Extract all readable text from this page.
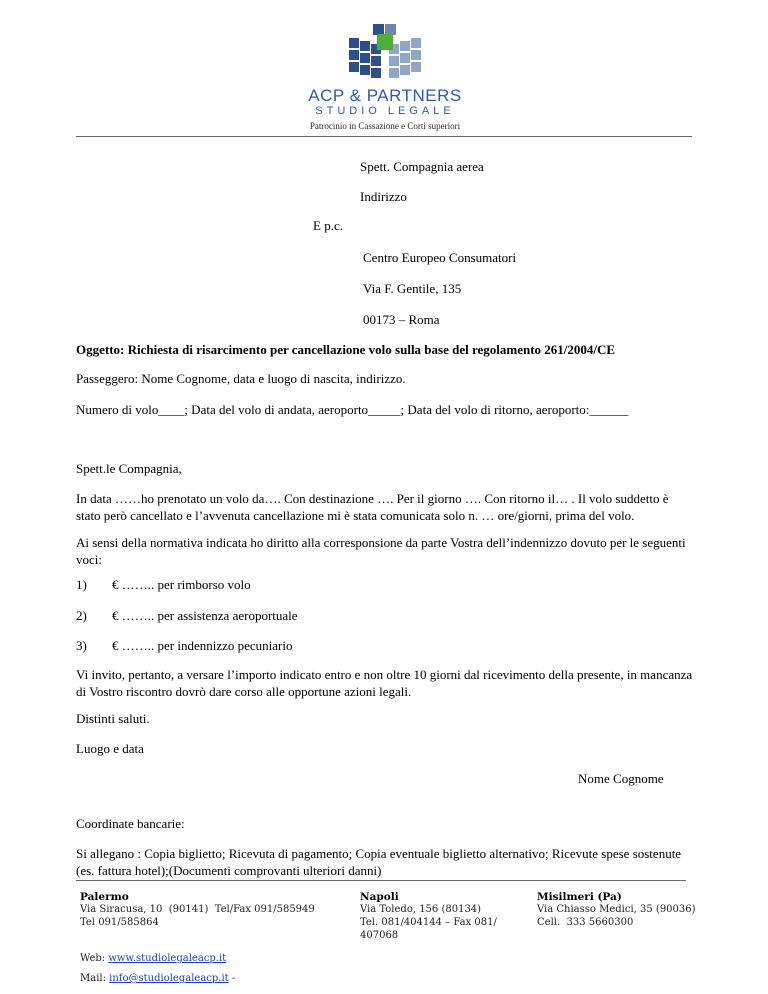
ACP & PARTNERS
STUDIO LEGALE
Patrocinio in Cassazione e Corti superiori
Spett. Compagnia aerea
Indirizzo
E p.c.
Centro Europeo Consumatori
Via F. Gentile, 135
00173 – Roma
Oggetto: Richiesta di risarcimento per cancellazione volo sulla base del regolamento 261/2004/CE
Passeggero: Nome Cognome, data e luogo di nascita, indirizzo.
Numero di volo____; Data del volo di andata, aeroporto_____; Data del volo di ritorno, aeroporto:______
Spett.le Compagnia,
In data ……ho prenotato un volo da…. Con destinazione …. Per il giorno …. Con ritorno il… . Il volo suddetto è stato però cancellato e l’avvenuta cancellazione mi è stata comunicata solo n. … ore/giorni, prima del volo.
Ai sensi della normativa indicata ho diritto alla corresponsione da parte Vostra dell’indennizzo dovuto per le seguenti voci:
1) € …….. per rimborso volo
2) € …….. per assistenza aeroportuale
3) € …….. per indennizzo pecuniario
Vi invito, pertanto, a versare l’importo indicato entro e non oltre 10 giorni dal ricevimento della presente, in mancanza di Vostro riscontro dovrò dare corso alle opportune azioni legali.
Distinti saluti.
Luogo e data
Nome Cognome
Coordinate bancarie:
Si allegano : Copia biglietto; Ricevuta di pagamento; Copia eventuale biglietto alternativo; Ricevute spese sostenute (es. fattura hotel);(Documenti comprovanti ulteriori danni)
Palermo
Via Siracusa, 10  (90141)  Tel/Fax 091/585949
Tel 091/585864
Napoli
Via Toledo, 156 (80134)
Tel. 081/404144 – Fax 081/
407068
Misilmeri (Pa)
Via Chiasso Medici, 35 (90036)
Cell.  333 5660300
Web: www.studiolegaleacp.it
Mail: info@studiolegaleacp.it -
